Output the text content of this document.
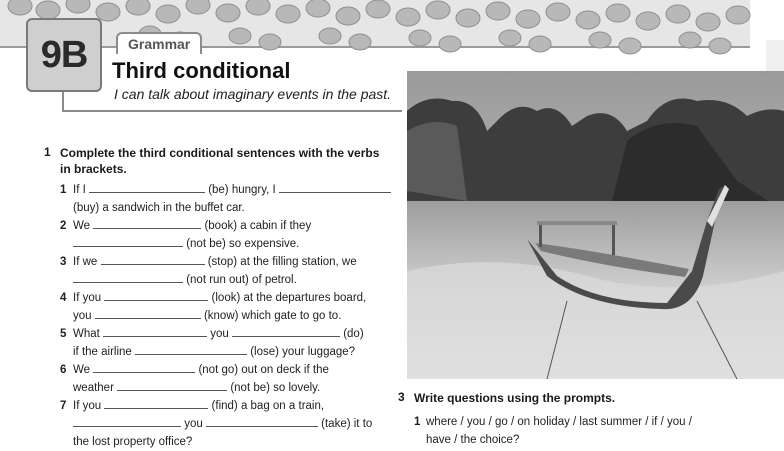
9B	Grammar
Third conditional
I can talk about imaginary events in the past.
1 Complete the third conditional sentences with the verbs in brackets.
1 If I	(be) hungry, I
(buy) a sandwich in the buffet car.
2 We	(book) a cabin if they
(not be) so expensive.
3 If we	(stop) at the filling station, we
(not run out) of petrol.
4 If you	(look) at the departures board,
you	(know) which gate to go to.
5 What	you	(do)
if the airline	(lose) your luggage?
6 We	(not go) out on deck if the
weather	(not be) so lovely.
7 If you	(find) a bag on a train,
you	(take) it to
the lost property office?
3 Write questions using the prompts.
1 where / you / go / on holiday / last summer / if / you /
have / the choice?
